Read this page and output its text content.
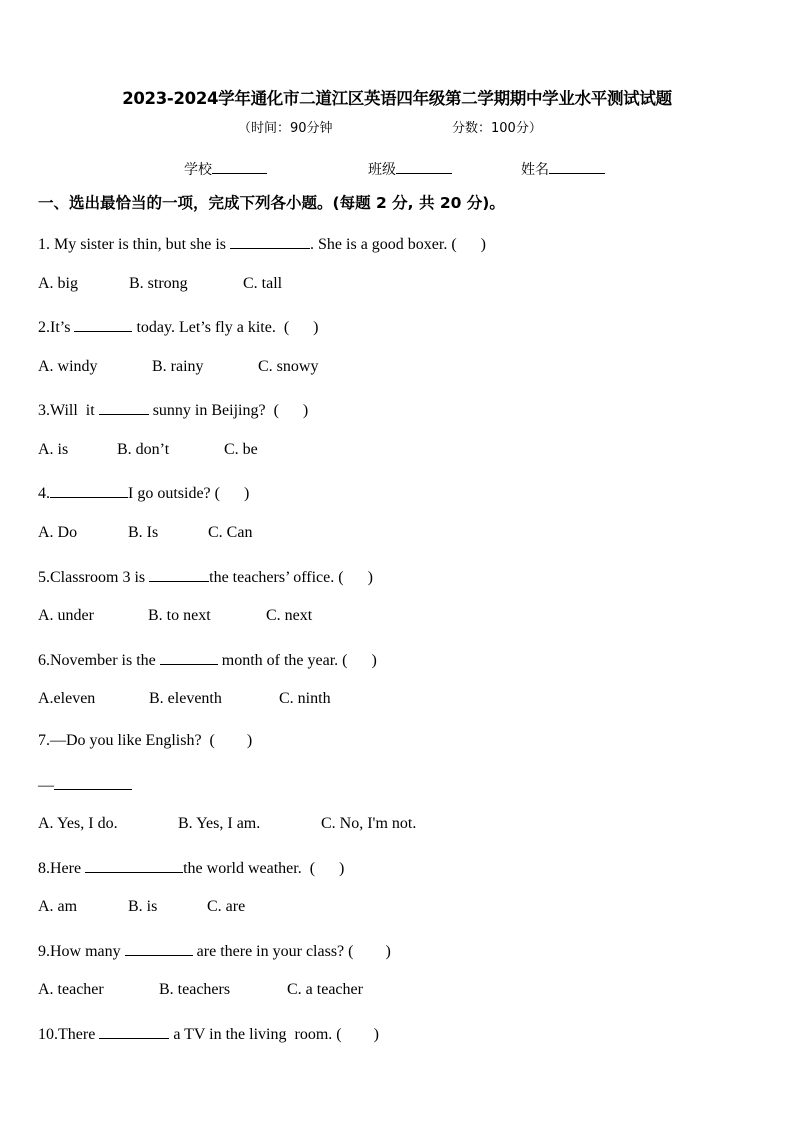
2023-2024学年通化市二道江区英语四年级第二学期期中学业水平测试试题
（时间：90分钟	分数：100分）
学校	班级	姓名
一、选出最恰当的一项，完成下列各小题。(每题 2 分, 共 20 分)。
1. My sister is thin, but she is	. She is a good boxer. (      )
A. big	B. strong	C. tall
2.It’s	today. Let’s fly a kite.  (      )
A. windy	B. rainy	C. snowy
3.Will  it	sunny in Beijing?  (      )
A. is	B. don’t	C. be
4.	I go outside? (      )
A. Do	B. Is	C. Can
5.Classroom 3 is	the teachers’ office. (      )
A. under	B. to next	C. next
6.November is the	month of the year. (      )
A.eleven	B. eleventh	C. ninth
7.—Do you like English?  (        )
—
A. Yes, I do.	B. Yes, I am.	C. No, I'm not.
8.Here	the world weather.  (      )
A. am	B. is	C. are
9.How many	are there in your class? (        )
A. teacher	B. teachers	C. a teacher
10.There	a TV in the living  room. (        )
